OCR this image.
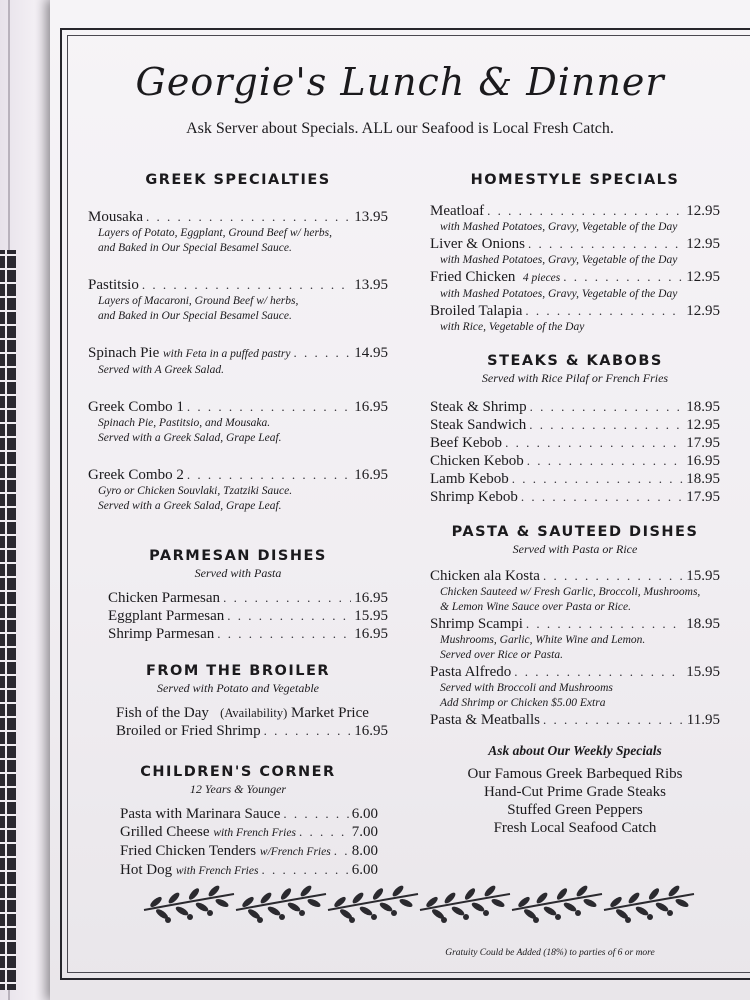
Georgie's Lunch & Dinner

Ask Server about Specials. ALL our Seafood is Local Fresh Catch.

GREEK SPECIALTIES
Mousaka . . .	13.95
Layers of Potato, Eggplant, Ground Beef w/ herbs,
and Baked in Our Special Besamel Sauce.
Pastitsio . . .	13.95
Layers of Macaroni, Ground Beef w/ herbs,
and Baked in Our Special Besamel Sauce.
Spinach Pie with Feta in a puffed pastry . . .	14.95
Served with A Greek Salad.
Greek Combo 1 . . .	16.95
Spinach Pie, Pastitsio, and Mousaka.
Served with a Greek Salad, Grape Leaf.
Greek Combo 2 . . .	16.95
Gyro or Chicken Souvlaki, Tzatziki Sauce.
Served with a Greek Salad, Grape Leaf.
PARMESAN DISHES

Served with Pasta

Chicken Parmesan . . .	16.95
Eggplant Parmesan . . .	15.95
Shrimp Parmesan . . .	16.95
FROM THE BROILER

Served with Potato and Vegetable

Fish of the Day (Availability) Market Price
Broiled or Fried Shrimp . . .	16.95
CHILDREN'S CORNER

12 Years & Younger

Pasta with Marinara Sauce . . .	6.00
Grilled Cheese with French Fries . . .	7.00
Fried Chicken Tenders w/French Fries . . . 8.00
Hot Dog with French Fries . . .	6.00
HOMESTYLE SPECIALS
Meatloaf . . .	12.95
with Mashed Potatoes, Gravy, Vegetable of the Day
Liver & Onions . . .	12.95
with Mashed Potatoes, Gravy, Vegetable of the Day
Fried Chicken 4 pieces . . .	12.95
with Mashed Potatoes, Gravy, Vegetable of the Day
Broiled Talapia . . .	12.95
with Rice, Vegetable of the Day
STEAKS & KABOBS

Served with Rice Pilaf or French Fries

Steak & Shrimp . . .	18.95
Steak Sandwich . . .	12.95
Beef Kebob . . .	17.95
Chicken Kebob . . .	16.95
Lamb Kebob . . .	18.95
Shrimp Kebob . . .	17.95
PASTA & SAUTEED DISHES

Served with Pasta or Rice

Chicken ala Kosta . . .	15.95
Chicken Sauteed w/ Fresh Garlic, Broccoli, Mushrooms,
& Lemon Wine Sauce over Pasta or Rice.
Shrimp Scampi . . .	18.95
Mushrooms, Garlic, White Wine and Lemon.
Served over Rice or Pasta.
Pasta Alfredo . . .	15.95
Served with Broccoli and Mushrooms
Add Shrimp or Chicken $5.00 Extra
Pasta & Meatballs . . .	11.95
Ask about Our Weekly Specials
Our Famous Greek Barbequed Ribs
Hand-Cut Prime Grade Steaks
Stuffed Green Peppers
Fresh Local Seafood Catch

Gratuity Could be Added (18%) to parties of 6 or more
